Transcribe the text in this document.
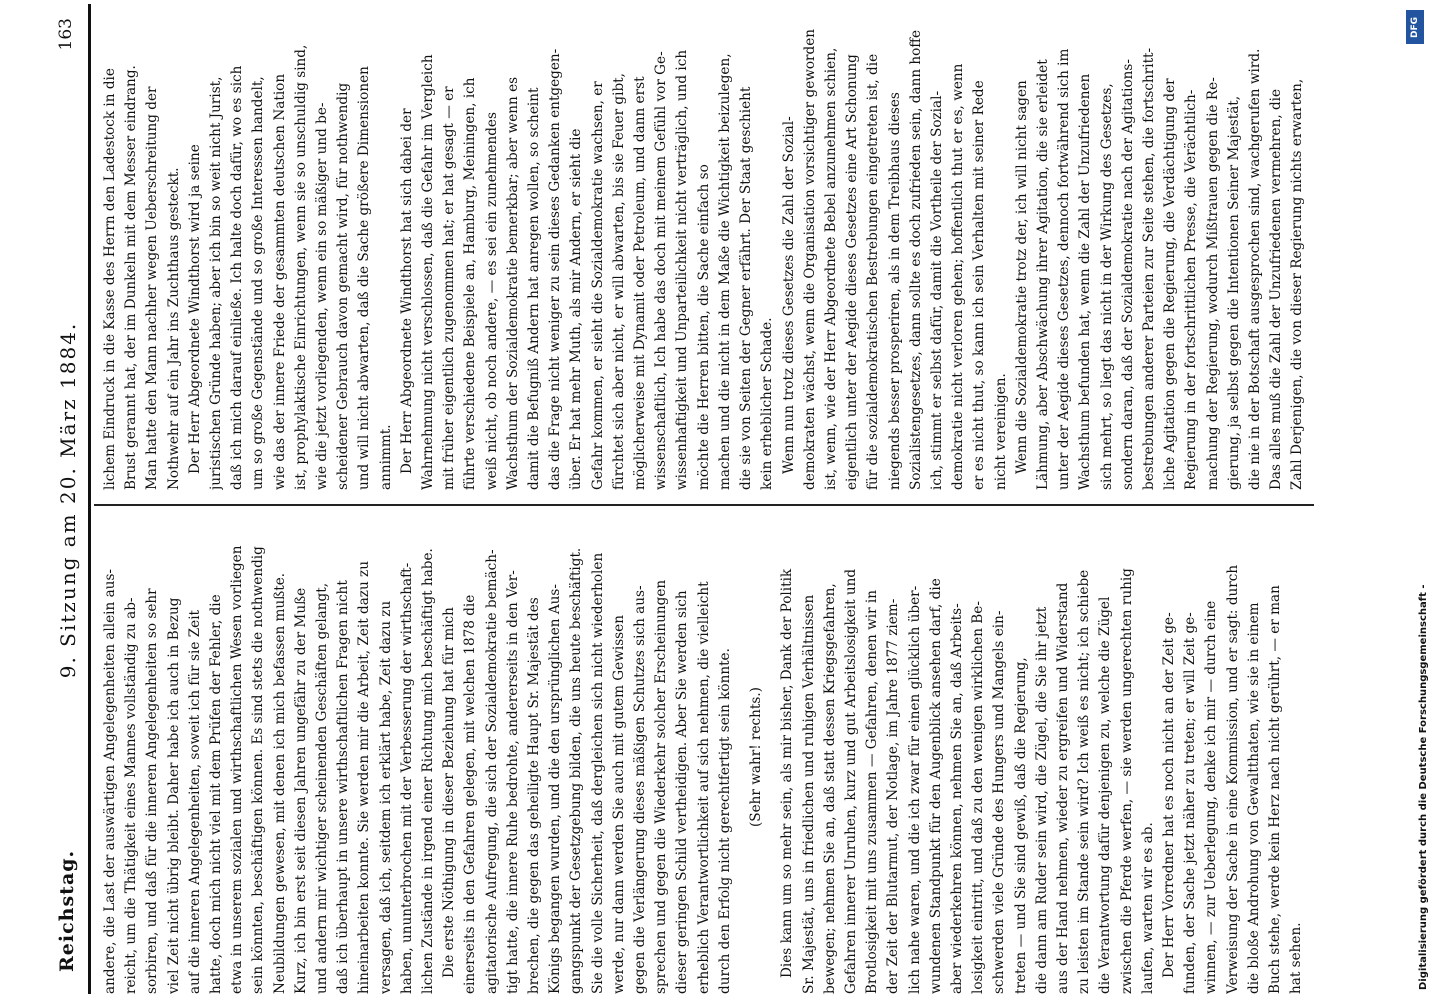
Reichstag.
9. Sitzung am 20. März 1884.
163
andere, die Last der auswärtigen Angelegenheiten allein aus- reicht, um die Thätigkeit eines Mannes vollständig zu ab- sorbiren, und daß für die inneren Angelegenheiten so sehr viel Zeit nicht übrig bleibt. Daher habe ich auch in Bezug auf die inneren Angelegenheiten, soweit ich für sie Zeit hatte, doch mich nicht viel mit dem Prüfen der Fehler, die etwa in unserem sozialen und wirthschaftlichen Wesen vorliegen sein könnten, beschäftigen können. Es sind stets die nothwendig Neubildungen gewesen, mit denen ich mich befassen mußte. Kurz, ich bin erst seit diesen Jahren ungefähr zu der Muße und andern mir wichtiger scheinenden Geschäften gelangt, daß ich überhaupt in unsere wirthschaftlichen Fragen nicht hineinarbeiten konnte. Sie werden mir die Arbeit, Zeit dazu zu versagen, daß ich, seitdem ich erklärt habe, Zeit dazu zu haben, ununterbrochen mit der Verbesserung der wirthschaft- lichen Zustände in irgend einer Richtung mich beschäftigt habe. Die erste Nöthigung in dieser Beziehung hat für mich einerseits in den Gefahren gelegen, mit welchen 1878 die agitatorische Aufregung, die sich der Sozialdemokratie bemäch- tigt hatte, die innere Ruhe bedrohte, andererseits in den Ver- brechen, die gegen das geheiligte Haupt Sr. Majestät des Königs begangen wurden, und die den ursprünglichen Aus- gangspunkt der Gesetzgebung bilden, die uns heute beschäftigt. Sie die volle Sicherheit, daß dergleichen sich nicht wiederholen werde, nur dann werden Sie auch mit gutem Gewissen gegen die Verlängerung dieses mäßigen Schutzes sich aus- sprechen und gegen die Wiederkehr solcher Erscheinungen dieser geringen Schild vertheidigen. Aber Sie werden sich erheblich Verantwortlichkeit auf sich nehmen, die vielleicht durch den Erfolg nicht gerechtfertigt sein könnte. (Sehr wahr! rechts.) Dies kann um so mehr sein, als mir bisher, Dank der Politik Sr. Majestät, uns in friedlichen und ruhigen Verhältnissen bewegen; nehmen Sie an, daß statt dessen Kriegsgefahren, Gefahren innerer Unruhen, kurz und gut Arbeitslosigkeit und Brotlosigkeit mit uns zusammen — Gefahren, denen wir in der Zeit der Blutarmut, der Notlage, im Jahre 1877 ziem- lich nahe waren, und die ich zwar für einen glücklich über- wundenen Standpunkt für den Augenblick ansehen darf, die aber wiederkehren können, nehmen Sie an, daß Arbeits- losigkeit eintritt, und daß zu den wenigen wirklichen Be- schwerden viele Gründe des Hungers und Mangels ein- treten — und Sie sind gewiß, daß die Regierung, die dann am Ruder sein wird, die Zügel, die Sie ihr jetzt aus der Hand nehmen, wieder zu ergreifen und Widerstand zu leisten im Stande sein wird? Ich weiß es nicht; ich schiebe die Verantwortung dafür denjenigen zu, welche die Zügel zwischen die Pferde werfen, — sie werden ungerechten ruhig laufen, warten wir es ab. Der Herr Vorredner hat es noch nicht an der Zeit ge- funden, der Sache jetzt näher zu treten; er will Zeit ge- winnen, — zur Ueberlegung, denke ich mir — durch eine Verweisung der Sache in eine Kommission, und er sagt: durch die bloße Androhung von Gewaltthaten, wie sie in einem Buch stehe, werde kein Herz nach nicht gerührt, — er man hat sehen.
lichem Eindruck in die Kasse des Herrn den Ladestock in die Brust gerannt hat, der im Dunkeln mit dem Messer eindrang. Man hatte den Mann nachher wegen Ueberschreitung der Nothwehr auf ein Jahr ins Zuchthaus gesteckt. Der Herr Abgeordnete Windthorst wird ja seine juristischen Gründe haben; aber ich bin so weit nicht Jurist, daß ich mich darauf einließe. Ich halte doch dafür, wo es sich um so große Gegenstände und so große Interessen handelt, wie das der innere Friede der gesammten deutschen Nation ist, prophylaktische Einrichtungen, wenn sie so unschuldig sind, wie die jetzt vorliegenden, wenn ein so mäßiger und be- scheidener Gebrauch davon gemacht wird, für nothwendig und will nicht abwarten, daß die Sache größere Dimensionen annimmt. Der Herr Abgeordnete Windthorst hat sich dabei der Wahrnehmung nicht verschlossen, daß die Gefahr im Vergleich mit früher eigentlich zugenommen hat; er hat gesagt — er führte verschiedene Beispiele an, Hamburg, Meiningen, ich weiß nicht, ob noch andere, — es sei ein zunehmendes Wachsthum der Sozialdemokratie bemerkbar; aber wenn es damit die Befugniß Andern hat anregen wollen, so scheint das die Frage nicht weniger zu sein dieses Gedanken entgegen- über. Er hat mehr Muth, als mir Andern, er sieht die Gefahr kommen, er sieht die Sozialdemokratie wachsen, er fürchtet sich aber nicht, er will abwarten, bis sie Feuer gibt, möglicherweise mit Dynamit oder Petroleum, und dann erst wissenschaftlich, Ich habe das doch mit meinem Gefühl vor Ge- wissenhaftigkeit und Unparteilichkeit nicht verträglich, und ich möchte die Herren bitten, die Sache einfach so machen und die nicht in dem Maße die Wichtigkeit beizulegen, die sie von Seiten der Gegner erfährt. Der Staat geschieht kein erheblicher Schade. Wenn nun trotz dieses Gesetzes die Zahl der Sozial- demokraten wächst, wenn die Organisation vorsichtiger geworden ist, wenn, wie der Herr Abgeordnete Bebel anzunehmen schien, eigentlich unter der Aegide dieses Gesetzes eine Art Schonung für die sozialdemokratischen Bestrebungen eingetreten ist, die niegends besser prosperiren, als in dem Treibhaus dieses Sozialistengesetzes, dann sollte es doch zufrieden sein, dann hoffe ich, stimmt er selbst dafür, damit die Vortheile der Sozial- demokratie nicht verloren gehen; hoffentlich thut er es, wenn er es nicht thut, so kann ich sein Verhalten mit seiner Rede nicht vereinigen. Wenn die Sozialdemokratie trotz der, ich will nicht sagen Lähmung, aber Abschwächung ihrer Agitation, die sie erleidet unter der Aegide dieses Gesetzes, dennoch fortwährend sich im Wachsthum befunden hat, wenn die Zahl der Unzufriedenen sich mehrt, so liegt das nicht in der Wirkung des Gesetzes, sondern daran, daß der Sozialdemokratie nach der Agitations- bestrebungen anderer Parteien zur Seite stehen, die fortschritt- liche Agitation gegen die Regierung, die Verdächtigung der Regierung in der fortschrittlichen Presse, die Verächtlich- machung der Regierung, wodurch Mißtrauen gegen die Re- gierung, ja selbst gegen die Intentionen Seiner Majestät, die nie in der Botschaft ausgesprochen sind, wachgerufen wird. Das alles muß die Zahl der Unzufriedenen vermehren, die Zahl Derjenigen, die von dieser Regierung nichts erwarten,
Digitalisierung gefördert durch die Deutsche Forschungsgemeinschaft -
DFG
